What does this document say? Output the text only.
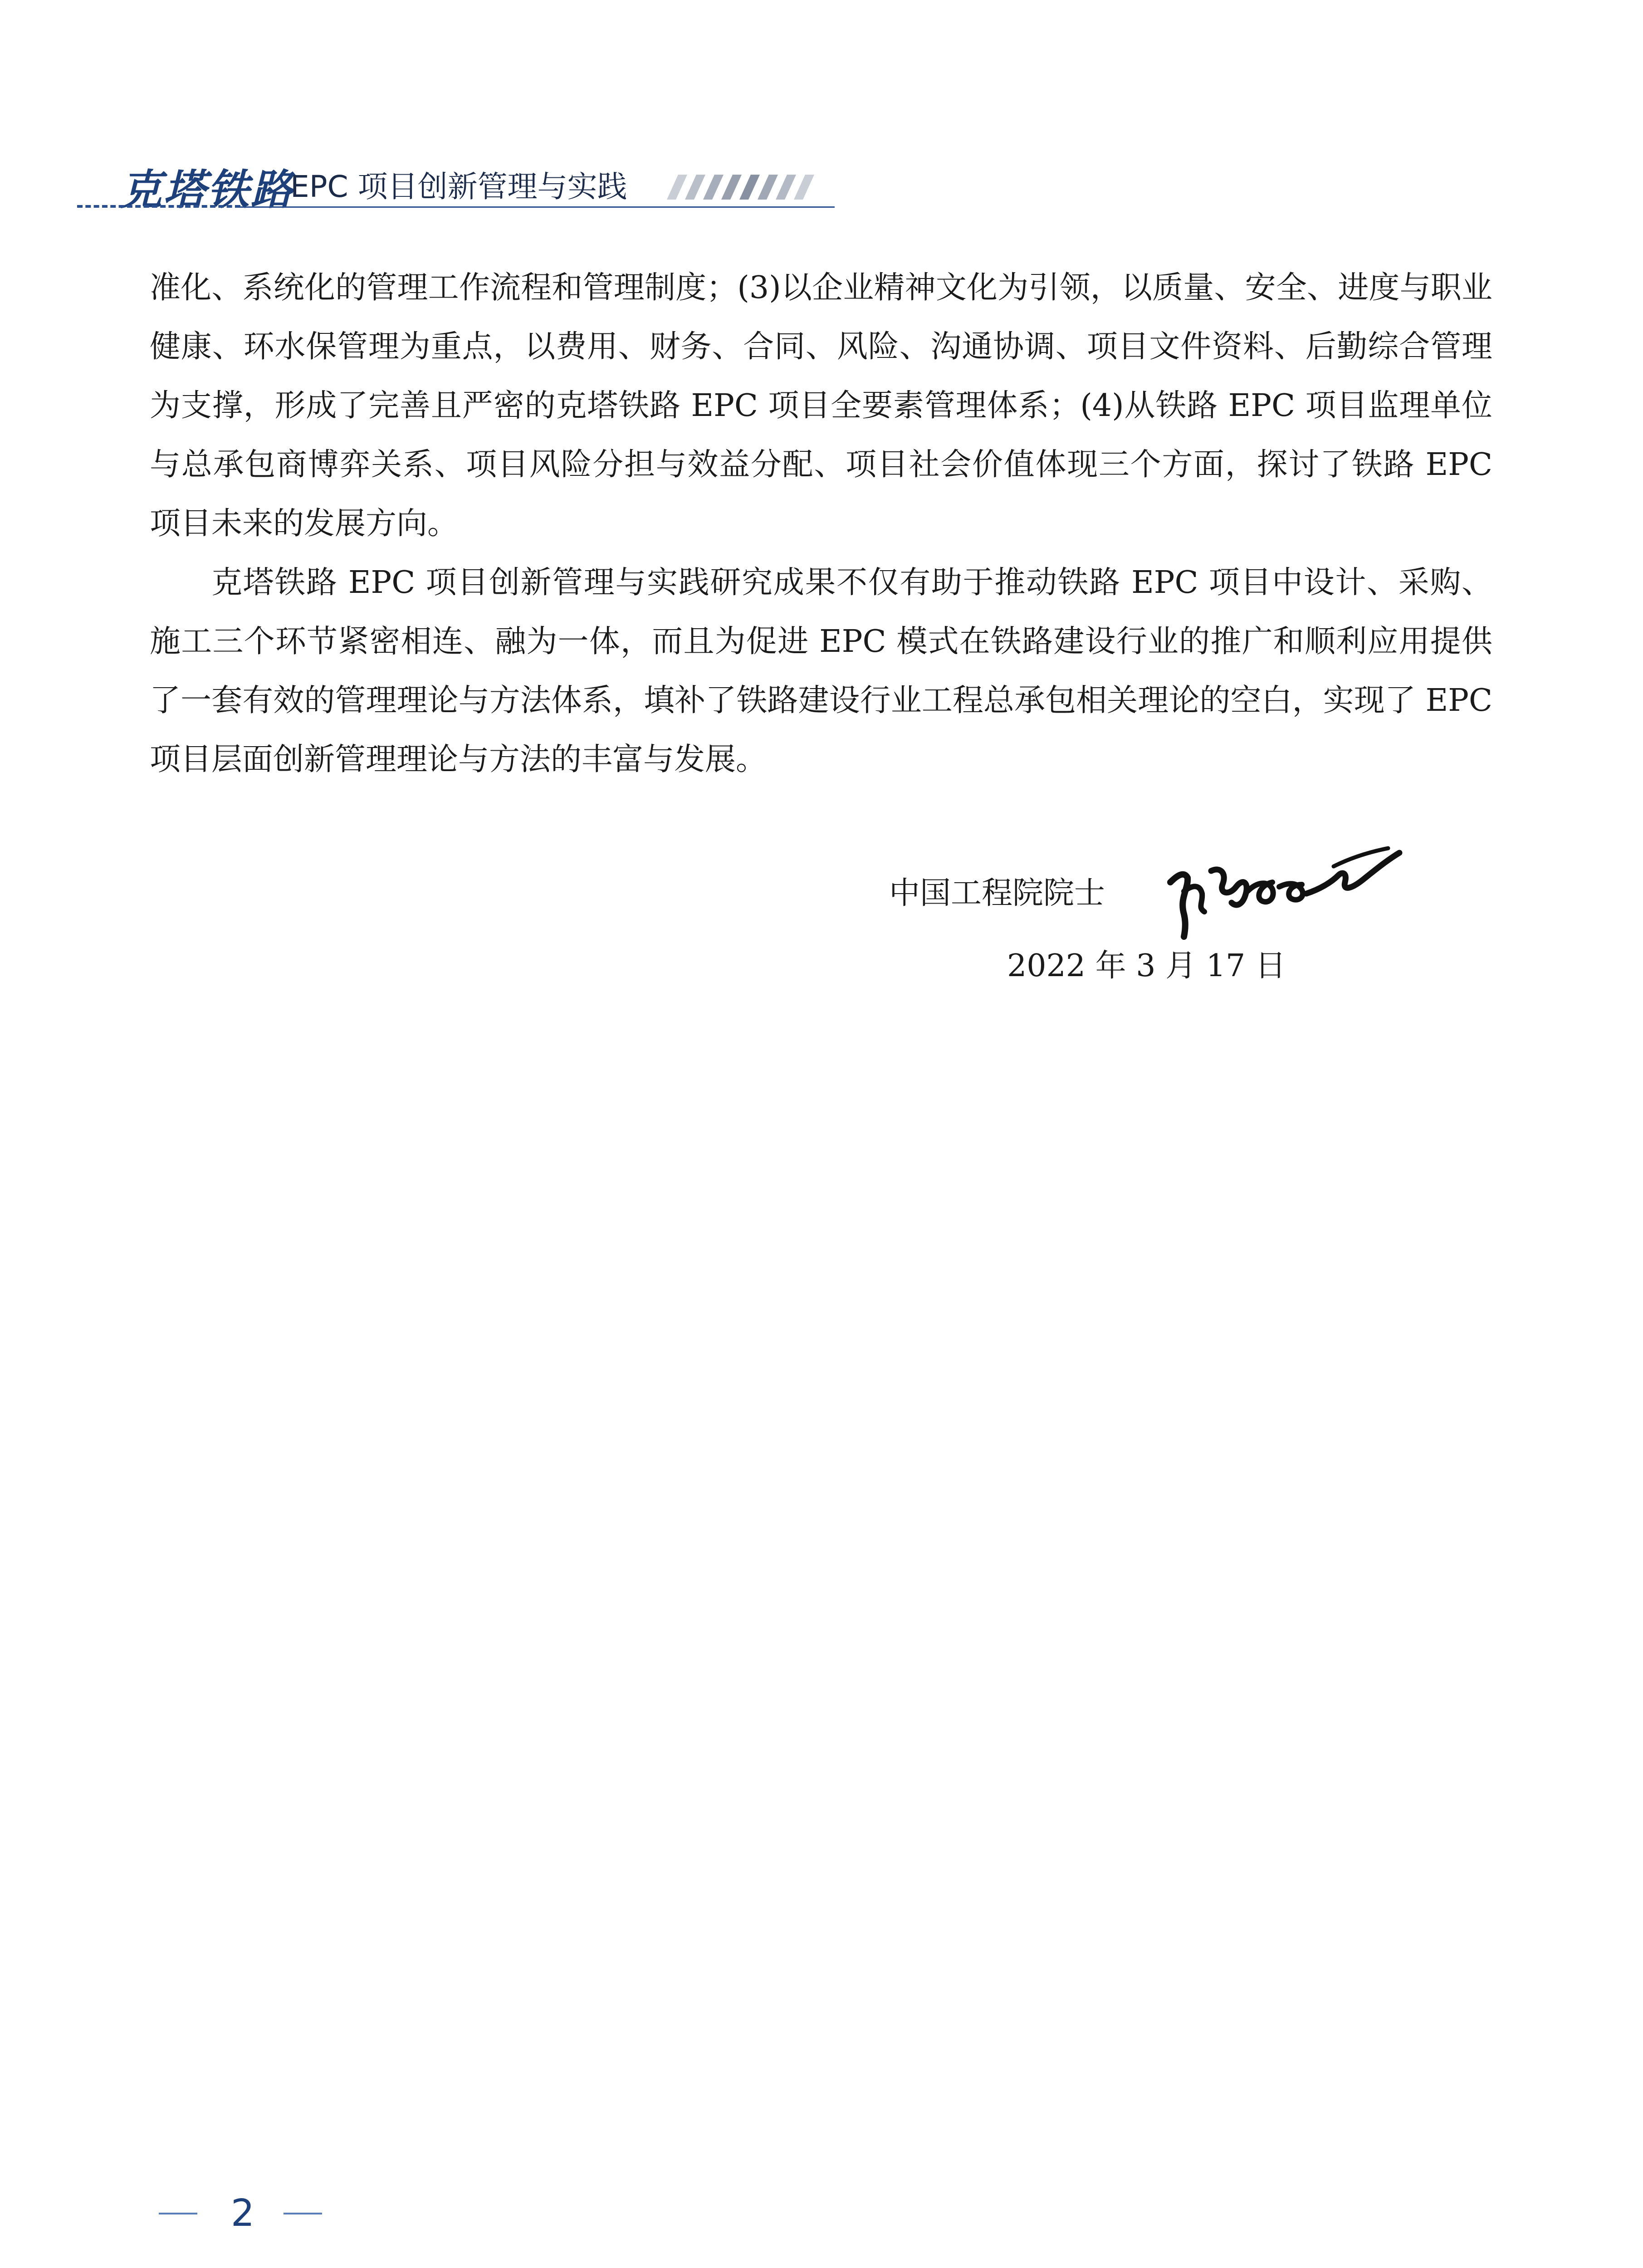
克塔铁路
EPC 项目创新管理与实践

准化、系统化的管理工作流程和管理制度；(3)以企业精神文化为引领，以质量、安全、进度与职业健康、环水保管理为重点，以费用、财务、合同、风险、沟通协调、项目文件资料、后勤综合管理为支撑，形成了完善且严密的克塔铁路 EPC 项目全要素管理体系；(4)从铁路 EPC 项目监理单位与总承包商博弈关系、项目风险分担与效益分配、项目社会价值体现三个方面，探讨了铁路 EPC 项目未来的发展方向。

克塔铁路 EPC 项目创新管理与实践研究成果不仅有助于推动铁路 EPC 项目中设计、采购、施工三个环节紧密相连、融为一体，而且为促进 EPC 模式在铁路建设行业的推广和顺利应用提供了一套有效的管理理论与方法体系，填补了铁路建设行业工程总承包相关理论的空白，实现了 EPC 项目层面创新管理理论与方法的丰富与发展。

中国工程院院士
2022 年 3 月 17 日
2
